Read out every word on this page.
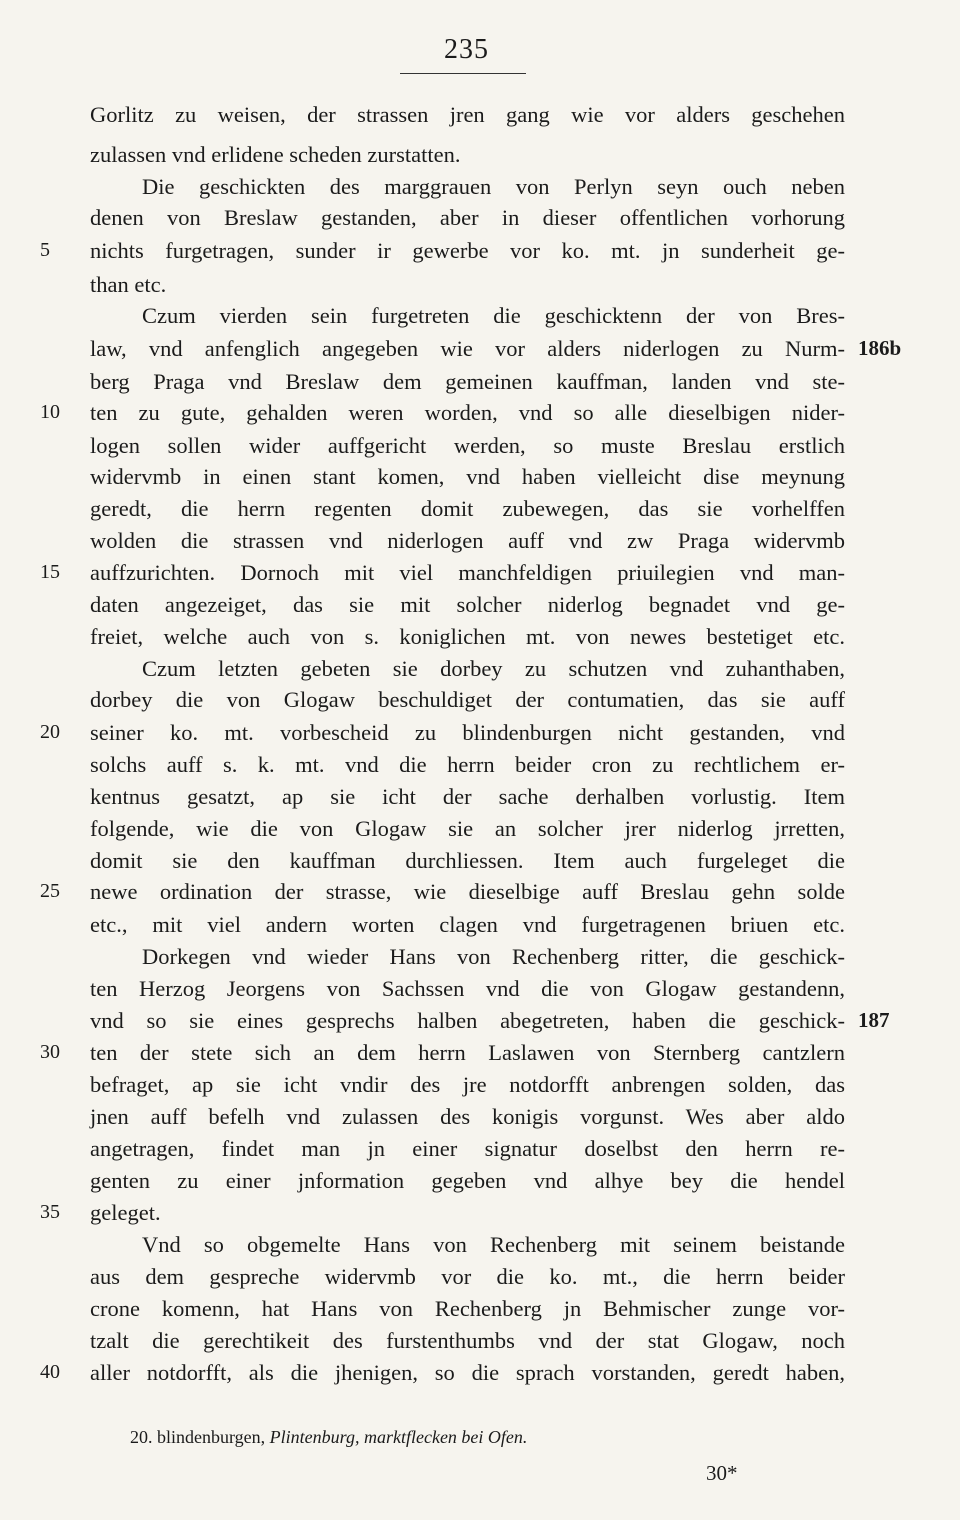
235
Gorlitz zu weisen, der strassen jren gang wie vor alders geschehen
zulassen vnd erlidene scheden zurstatten.
Die geschickten des marggrauen von Perlyn seyn ouch neben
denen von Breslaw gestanden, aber in dieser offentlichen vorhorung
nichts furgetragen, sunder ir gewerbe vor ko. mt. jn sunderheit ge-
than etc.
Czum vierden sein furgetreten die geschicktenn der von Bres-
law, vnd anfenglich angegeben wie vor alders niderlogen zu Nurm-
berg Praga vnd Breslaw dem gemeinen kauffman, landen vnd ste-
ten zu gute, gehalden weren worden, vnd so alle dieselbigen nider-
logen sollen wider auffgericht werden, so muste Breslau erstlich
widervmb in einen stant komen, vnd haben vielleicht dise meynung
geredt, die herrn regenten domit zubewegen, das sie vorhelffen
wolden die strassen vnd niderlogen auff vnd zw Praga widervmb
auffzurichten. Dornoch mit viel manchfeldigen priuilegien vnd man-
daten angezeiget, das sie mit solcher niderlog begnadet vnd ge-
freiet, welche auch von s. koniglichen mt. von newes bestetiget etc.
Czum letzten gebeten sie dorbey zu schutzen vnd zuhanthaben,
dorbey die von Glogaw beschuldiget der contumatien, das sie auff
seiner ko. mt. vorbescheid zu blindenburgen nicht gestanden, vnd
solchs auff s. k. mt. vnd die herrn beider cron zu rechtlichem er-
kentnus gesatzt, ap sie icht der sache derhalben vorlustig. Item
folgende, wie die von Glogaw sie an solcher jrer niderlog jrretten,
domit sie den kauffman durchliessen. Item auch furgeleget die
newe ordination der strasse, wie dieselbige auff Breslau gehn solde
etc., mit viel andern worten clagen vnd furgetragenen briuen etc.
Dorkegen vnd wieder Hans von Rechenberg ritter, die geschick-
ten Herzog Jeorgens von Sachssen vnd die von Glogaw gestandenn,
vnd so sie eines gesprechs halben abegetreten, haben die geschick-
ten der stete sich an dem herrn Laslawen von Sternberg cantzlern
befraget, ap sie icht vndir des jre notdorfft anbrengen solden, das
jnen auff befelh vnd zulassen des konigis vorgunst. Wes aber aldo
angetragen, findet man jn einer signatur doselbst den herrn re-
genten zu einer jnformation gegeben vnd alhye bey die hendel
geleget.
Vnd so obgemelte Hans von Rechenberg mit seinem beistande
aus dem gespreche widervmb vor die ko. mt., die herrn beider
crone komenn, hat Hans von Rechenberg jn Behmischer zunge vor-
tzalt die gerechtikeit des furstenthumbs vnd der stat Glogaw, noch
aller notdorfft, als die jhenigen, so die sprach vorstanden, geredt haben,
5
10
15
20
25
30
35
40
186b
187
20. blindenburgen, Plintenburg, marktflecken bei Ofen.
30*
